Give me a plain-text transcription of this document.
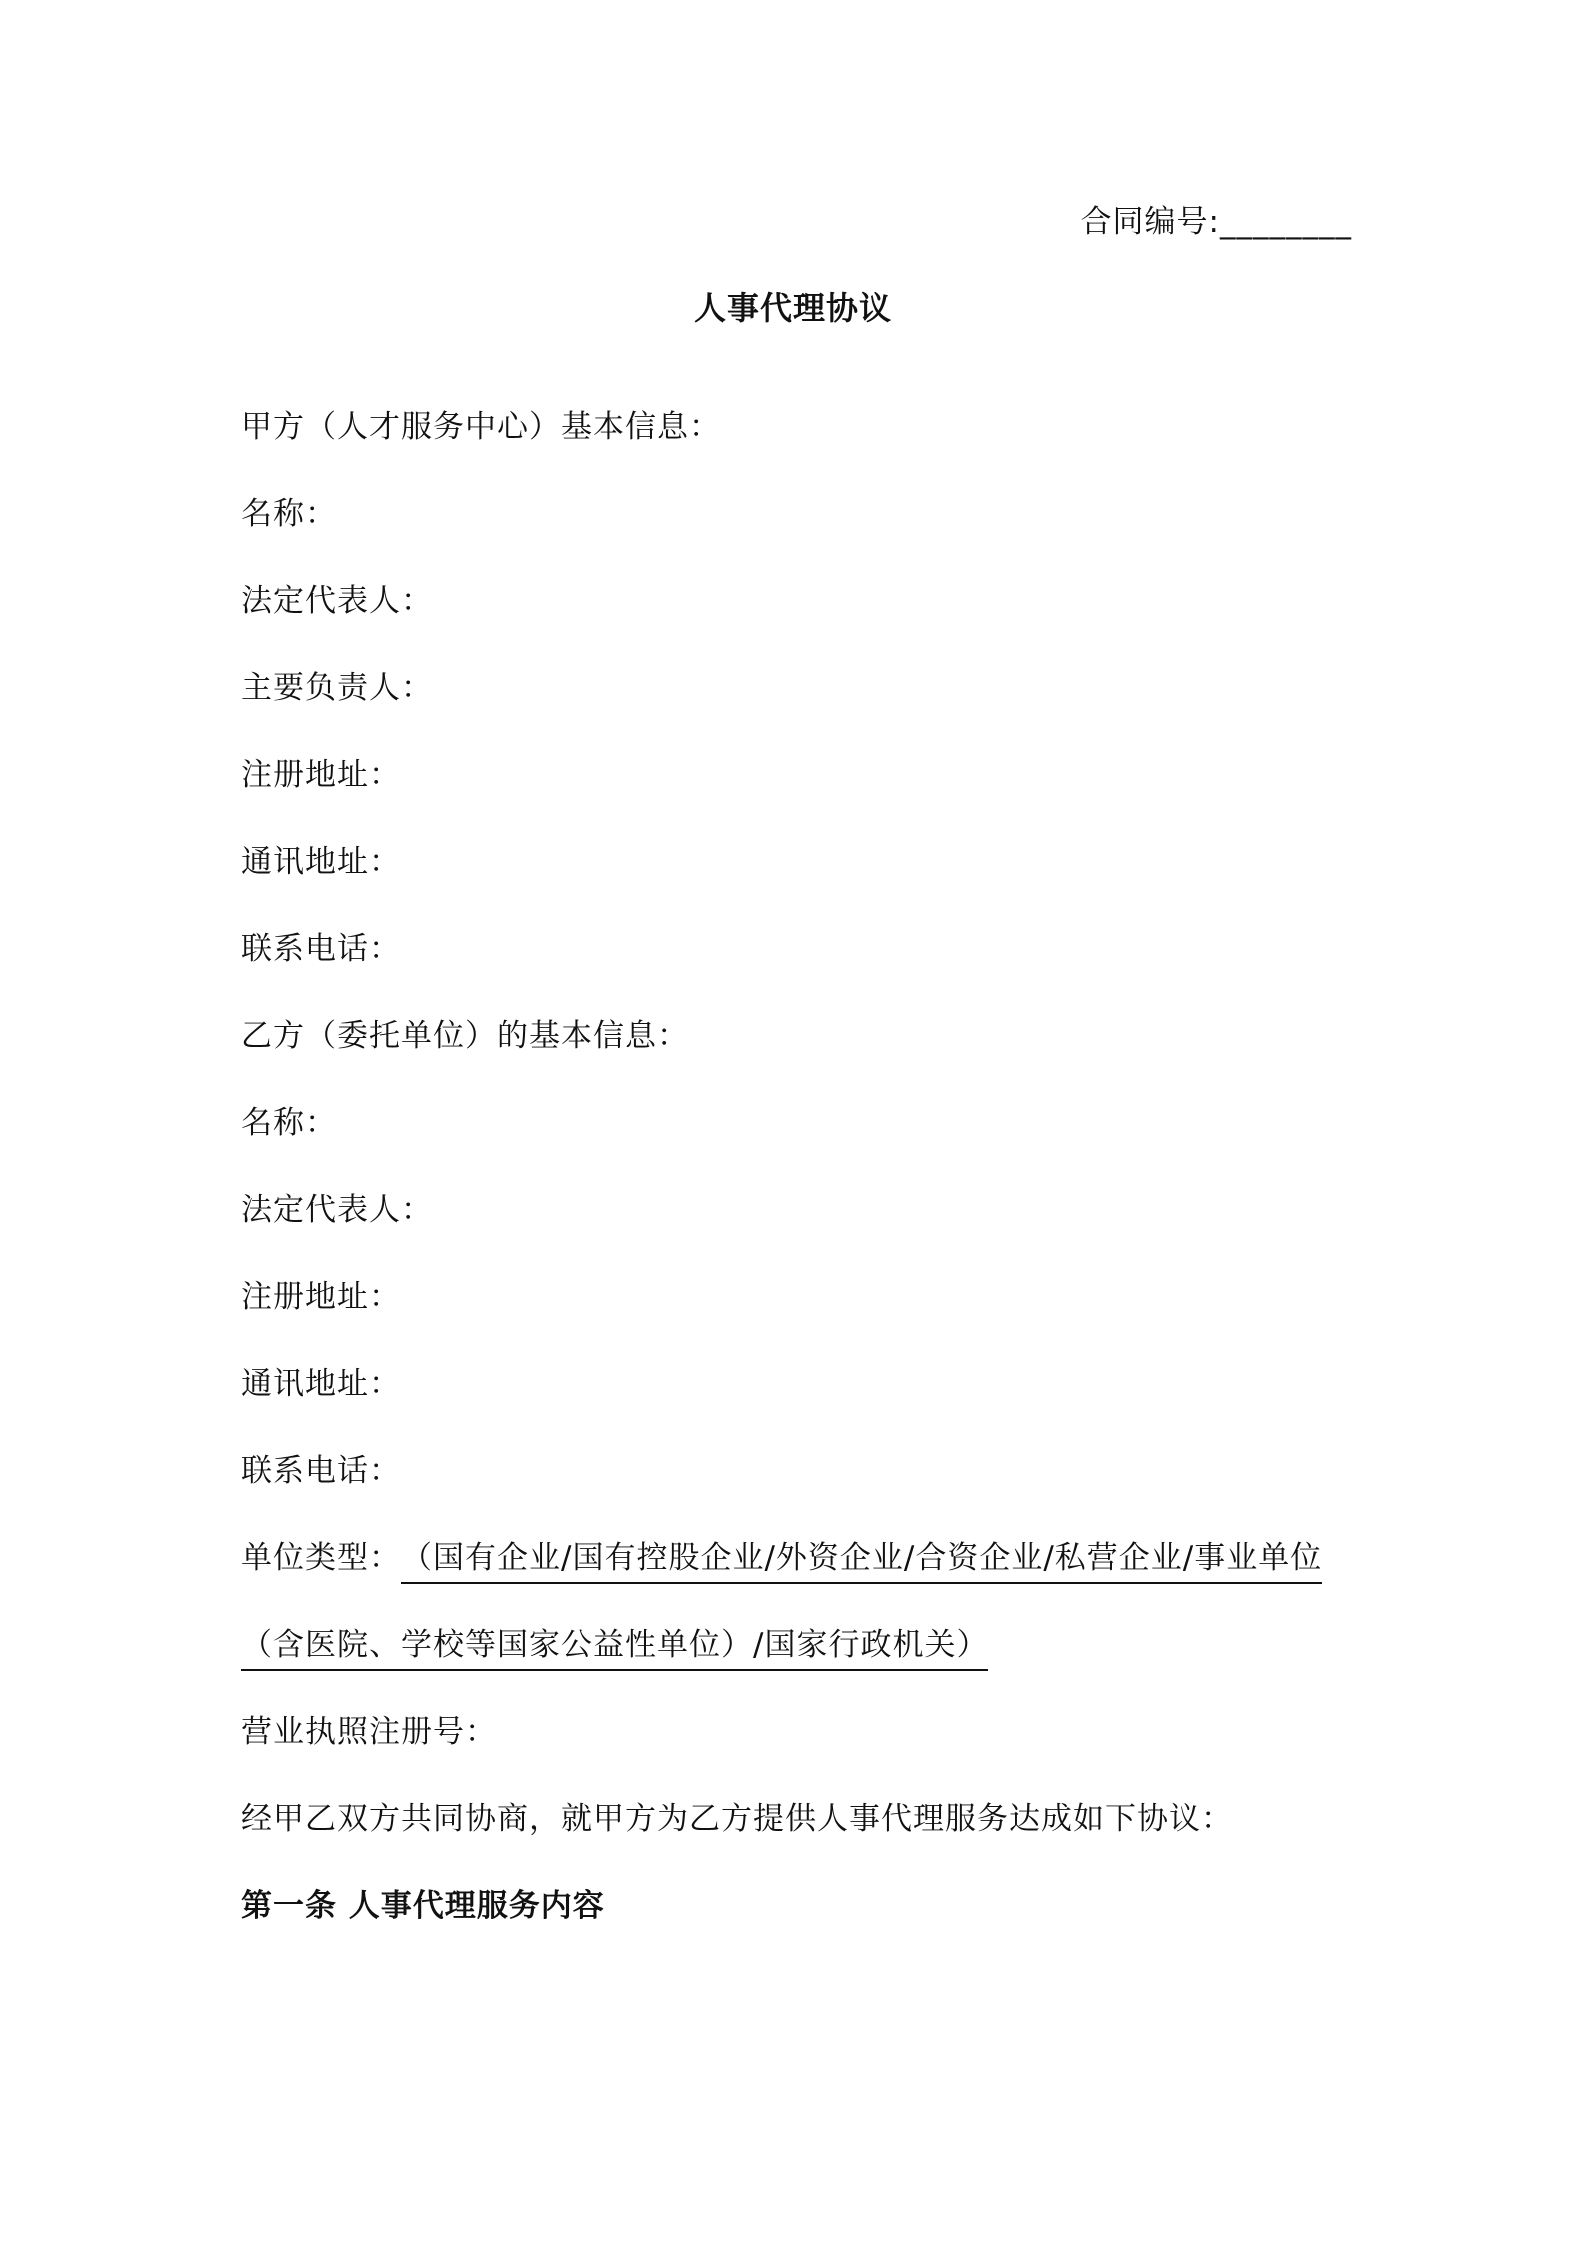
合同编号:________
人事代理协议
甲方（人才服务中心）基本信息：
名称：
法定代表人：
主要负责人：
注册地址：
通讯地址：
联系电话：
乙方（委托单位）的基本信息：
名称：
法定代表人：
注册地址：
通讯地址：
联系电话：
单位类型：（国有企业/国有控股企业/外资企业/合资企业/私营企业/事业单位
（含医院、学校等国家公益性单位）/国家行政机关）
营业执照注册号：
经甲乙双方共同协商，就甲方为乙方提供人事代理服务达成如下协议：
第一条 人事代理服务内容
